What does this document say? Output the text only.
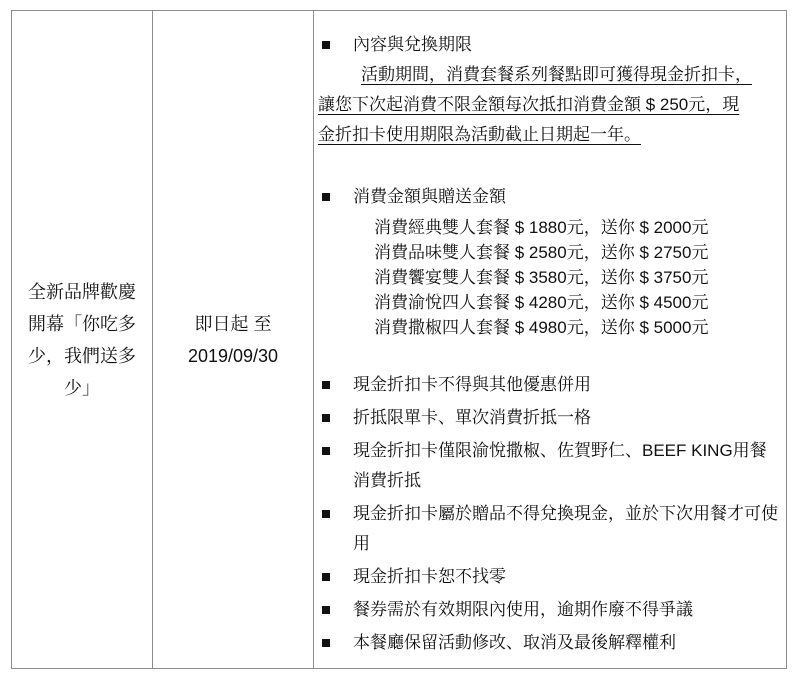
全新品牌歡慶
開幕「你吃多
少，我們送多
少」
即日起 至
2019/09/30
內容與兌換期限
活動期間，消費套餐系列餐點即可獲得現金折扣卡，
讓您下次起消費不限金額每次抵扣消費金額 $ 250元，現
金折扣卡使用期限為活動截止日期起一年。
消費金額與贈送金額
消費經典雙人套餐 $ 1880元，送你 $ 2000元
消費品味雙人套餐 $ 2580元，送你 $ 2750元
消費饗宴雙人套餐 $ 3580元，送你 $ 3750元
消費渝悅四人套餐 $ 4280元，送你 $ 4500元
消費撒椒四人套餐 $ 4980元，送你 $ 5000元
現金折扣卡不得與其他優惠併用
折抵限單卡、單次消費折抵一格
現金折扣卡僅限渝悅撒椒、佐賀野仁、BEEF KING用餐消費折抵
現金折扣卡屬於贈品不得兌換現金，並於下次用餐才可使用
現金折扣卡恕不找零
餐券需於有效期限內使用，逾期作廢不得爭議
本餐廳保留活動修改、取消及最後解釋權利
